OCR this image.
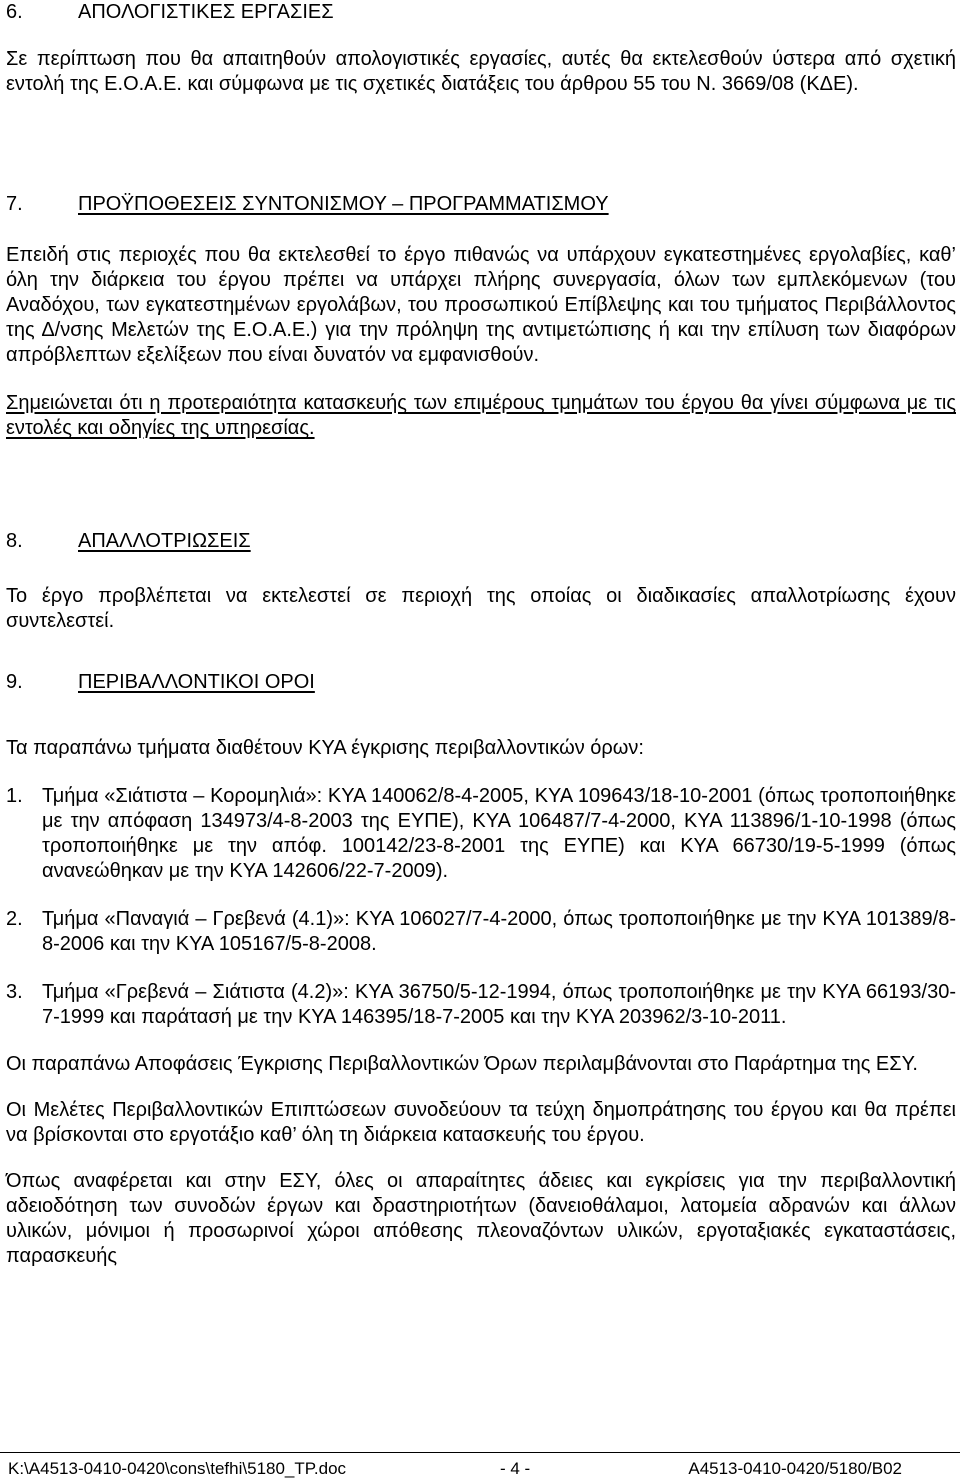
6.	ΑΠΟΛΟΓΙΣΤΙΚΕΣ ΕΡΓΑΣΙΕΣ

Σε περίπτωση που θα απαιτηθούν απολογιστικές εργασίες, αυτές θα εκτελεσθούν ύστερα από σχετική εντολή της Ε.Ο.Α.Ε. και σύμφωνα με τις σχετικές διατάξεις του άρθρου 55 του Ν. 3669/08 (ΚΔΕ).

7.	ΠΡΟΫΠΟΘΕΣΕΙΣ ΣΥΝΤΟΝΙΣΜΟΥ – ΠΡΟΓΡΑΜΜΑΤΙΣΜΟΥ

Επειδή στις περιοχές που θα εκτελεσθεί το έργο πιθανώς να υπάρχουν εγκατεστημένες εργολαβίες, καθ’ όλη την διάρκεια του έργου πρέπει να υπάρχει πλήρης συνεργασία, όλων των εμπλεκόμενων (του Αναδόχου, των εγκατεστημένων εργολάβων, του προσωπικού Επίβλεψης και του τμήματος Περιβάλλοντος της Δ/νσης Μελετών της Ε.Ο.Α.Ε.) για την πρόληψη της αντιμετώπισης ή και την επίλυση των διαφόρων απρόβλεπτων εξελίξεων που είναι δυνατόν να εμφανισθούν.

Σημειώνεται ότι η προτεραιότητα κατασκευής των επιμέρους τμημάτων του έργου θα γίνει σύμφωνα με τις εντολές και οδηγίες της υπηρεσίας.

8.	ΑΠΑΛΛΟΤΡΙΩΣΕΙΣ

Το έργο προβλέπεται να εκτελεστεί σε περιοχή της οποίας οι διαδικασίες απαλλοτρίωσης έχουν συντελεστεί.

9.	ΠΕΡΙΒΑΛΛΟΝΤΙΚΟΙ ΟΡΟΙ

Τα παραπάνω τμήματα διαθέτουν ΚΥΑ έγκρισης περιβαλλοντικών όρων:

1. Τμήμα «Σιάτιστα – Κορομηλιά»: ΚΥΑ 140062/8-4-2005, ΚΥΑ 109643/18-10-2001 (όπως τροποποιήθηκε με την απόφαση 134973/4-8-2003 της ΕΥΠΕ), ΚΥΑ 106487/7-4-2000, ΚΥΑ 113896/1-10-1998 (όπως τροποποιήθηκε με την απόφ. 100142/23-8-2001 της ΕΥΠΕ) και ΚΥΑ 66730/19-5-1999 (όπως ανανεώθηκαν με την ΚΥΑ 142606/22-7-2009).
2. Τμήμα «Παναγιά – Γρεβενά (4.1)»: ΚΥΑ 106027/7-4-2000, όπως τροποποιήθηκε με την ΚΥΑ 101389/8-8-2006 και την ΚΥΑ 105167/5-8-2008.
3. Τμήμα «Γρεβενά – Σιάτιστα (4.2)»: ΚΥΑ 36750/5-12-1994, όπως τροποποιήθηκε με την ΚΥΑ 66193/30-7-1999 και παράτασή με την ΚΥΑ 146395/18-7-2005 και την ΚΥΑ 203962/3-10-2011.

Οι παραπάνω Αποφάσεις Έγκρισης Περιβαλλοντικών Όρων περιλαμβάνονται στο Παράρτημα της ΕΣΥ.

Οι Μελέτες Περιβαλλοντικών Επιπτώσεων συνοδεύουν τα τεύχη δημοπράτησης του έργου και θα πρέπει να βρίσκονται στο εργοτάξιο καθ’ όλη τη διάρκεια κατασκευής του έργου.

Όπως αναφέρεται και στην ΕΣΥ, όλες οι απαραίτητες άδειες και εγκρίσεις για την περιβαλλοντική αδειοδότηση των συνοδών έργων και δραστηριοτήτων (δανειοθάλαμοι, λατομεία αδρανών και άλλων υλικών, μόνιμοι ή προσωρινοί χώροι απόθεσης πλεοναζόντων υλικών, εργοταξιακές εγκαταστάσεις, παρασκευής

K:\A4513-0410-0420\cons\tefhi\5180_TP.doc	- 4 -	A4513-0410-0420/5180/B02
